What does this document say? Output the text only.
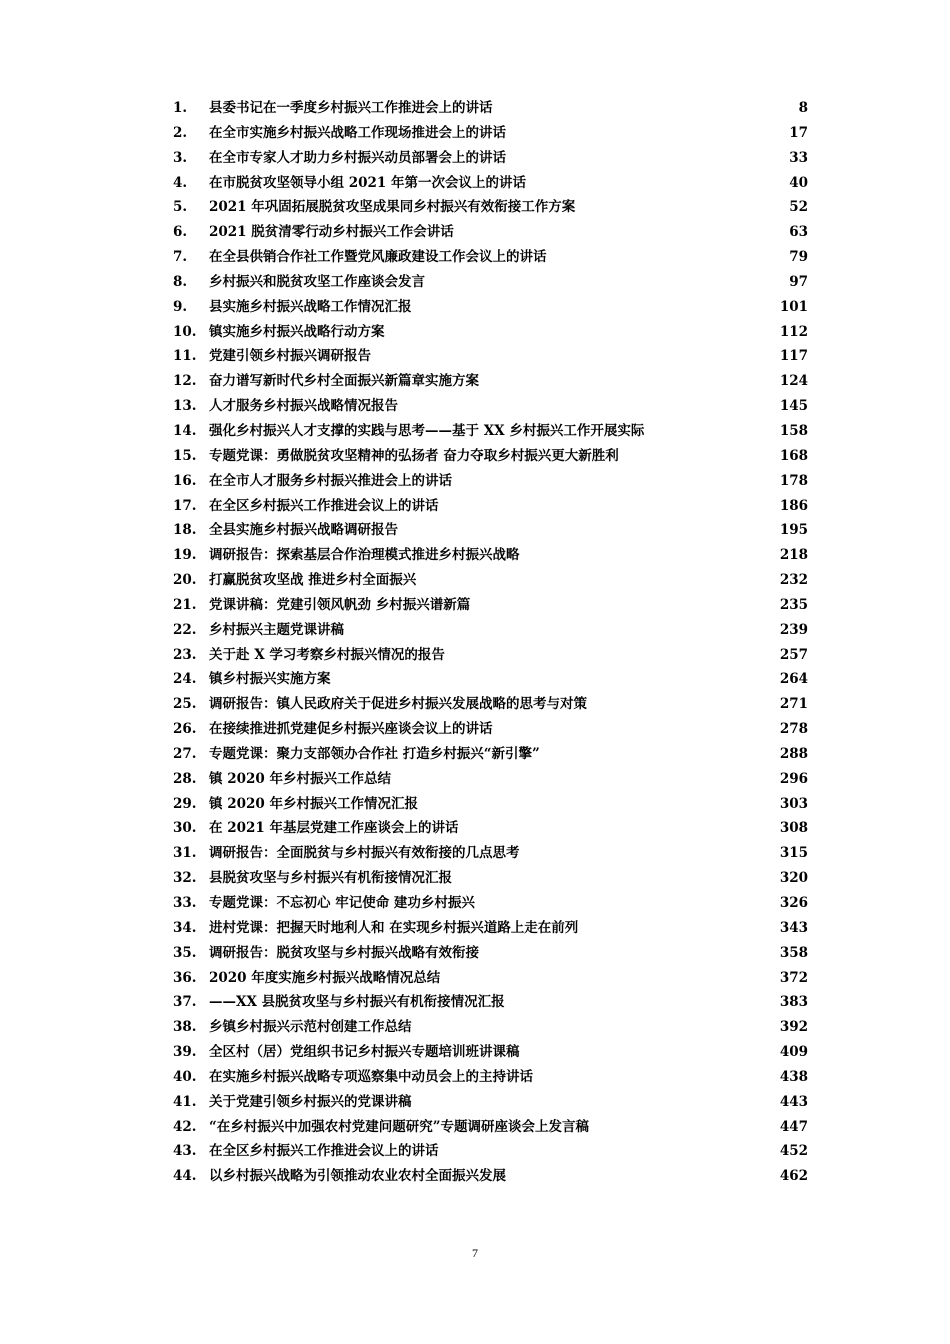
1.	县委书记在一季度乡村振兴工作推进会上的讲话	8
2.	在全市实施乡村振兴战略工作现场推进会上的讲话	17
3.	在全市专家人才助力乡村振兴动员部署会上的讲话	33
4.	在市脱贫攻坚领导小组 2021 年第一次会议上的讲话	40
5.	2021 年巩固拓展脱贫攻坚成果同乡村振兴有效衔接工作方案	52
6.	2021 脱贫清零行动乡村振兴工作会讲话	63
7.	在全县供销合作社工作暨党风廉政建设工作会议上的讲话	79
8.	乡村振兴和脱贫攻坚工作座谈会发言	97
9.	县实施乡村振兴战略工作情况汇报	101
10. 镇实施乡村振兴战略行动方案	112
11. 党建引领乡村振兴调研报告	117
12. 奋力谱写新时代乡村全面振兴新篇章实施方案	124
13. 人才服务乡村振兴战略情况报告	145
14. 强化乡村振兴人才支撑的实践与思考——基于 XX 乡村振兴工作开展实际	158
15. 专题党课：勇做脱贫攻坚精神的弘扬者 奋力夺取乡村振兴更大新胜利	168
16. 在全市人才服务乡村振兴推进会上的讲话	178
17. 在全区乡村振兴工作推进会议上的讲话	186
18. 全县实施乡村振兴战略调研报告	195
19. 调研报告：探索基层合作治理模式推进乡村振兴战略	218
20. 打赢脱贫攻坚战 推进乡村全面振兴	232
21. 党课讲稿：党建引领风帆劲 乡村振兴谱新篇	235
22. 乡村振兴主题党课讲稿	239
23. 关于赴 X 学习考察乡村振兴情况的报告	257
24. 镇乡村振兴实施方案	264
25. 调研报告：镇人民政府关于促进乡村振兴发展战略的思考与对策	271
26. 在接续推进抓党建促乡村振兴座谈会议上的讲话	278
27. 专题党课：聚力支部领办合作社 打造乡村振兴“新引擎”	288
28. 镇 2020 年乡村振兴工作总结	296
29. 镇 2020 年乡村振兴工作情况汇报	303
30. 在 2021 年基层党建工作座谈会上的讲话	308
31. 调研报告：全面脱贫与乡村振兴有效衔接的几点思考	315
32. 县脱贫攻坚与乡村振兴有机衔接情况汇报	320
33. 专题党课：不忘初心 牢记使命 建功乡村振兴	326
34. 进村党课：把握天时地利人和 在实现乡村振兴道路上走在前列	343
35. 调研报告：脱贫攻坚与乡村振兴战略有效衔接	358
36. 2020 年度实施乡村振兴战略情况总结	372
37. ——XX 县脱贫攻坚与乡村振兴有机衔接情况汇报	383
38. 乡镇乡村振兴示范村创建工作总结	392
39. 全区村（居）党组织书记乡村振兴专题培训班讲课稿	409
40. 在实施乡村振兴战略专项巡察集中动员会上的主持讲话	438
41. 关于党建引领乡村振兴的党课讲稿	443
42. “在乡村振兴中加强农村党建问题研究”专题调研座谈会上发言稿	447
43. 在全区乡村振兴工作推进会议上的讲话	452
44. 以乡村振兴战略为引领推动农业农村全面振兴发展	462
7
